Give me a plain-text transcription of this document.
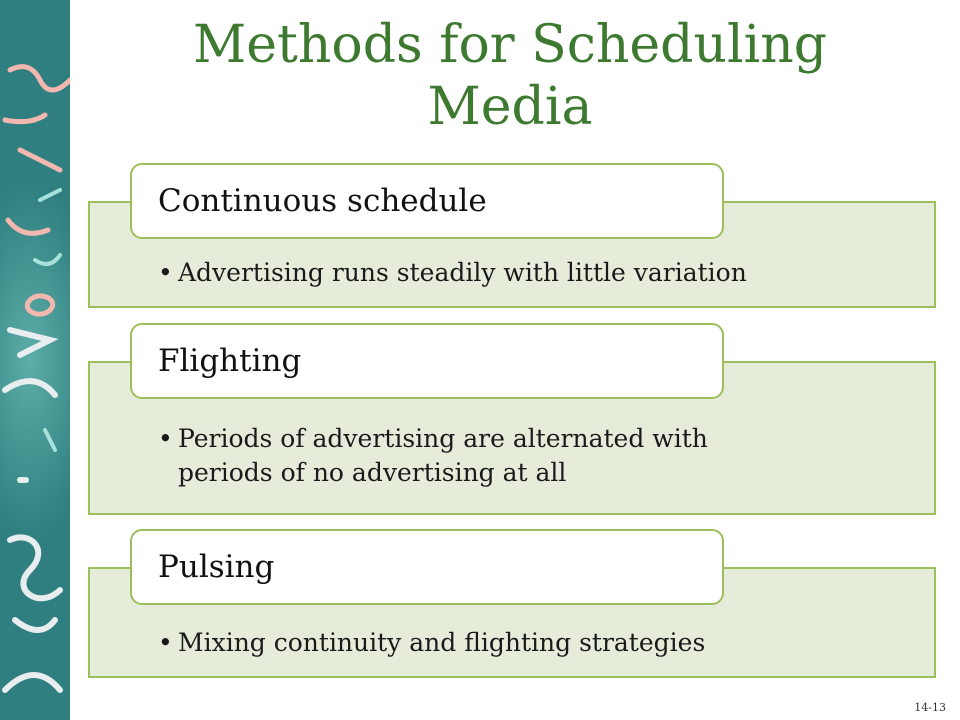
Methods for Scheduling
Media
Continuous schedule
• Advertising runs steadily with little variation
Flighting
• Periods of advertising are alternated with
periods of no advertising at all
Pulsing
• Mixing continuity and flighting strategies
14-13
